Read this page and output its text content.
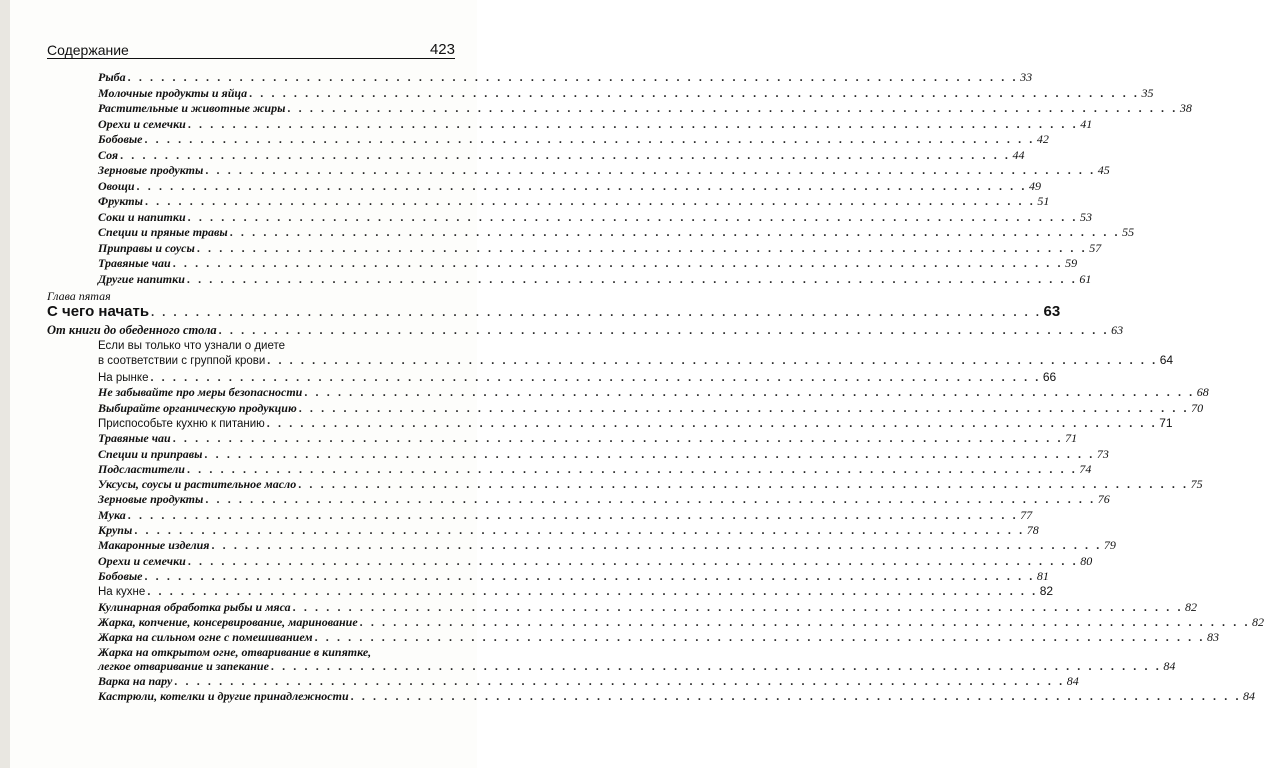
Содержание	423
Рыба . . . . . . . . . . . . . . . . . . . . . . . . . . . . . . . . . . . . . . . . . . . . . . . . . . . . . . . . . . . . . . . . . . . . . . . . . . . . . . . . 33
Молочные продукты и яйца . . . . . . . . . . . . . . . . . . . . . . . . . . . . . . . . . . . . . . . . . . . . . . . . . . . . . . . . . . . . . . . . . . . . . . . . . . . . . . . . 35
Растительные и животные жиры . . . . . . . . . . . . . . . . . . . . . . . . . . . . . . . . . . . . . . . . . . . . . . . . . . . . . . . . . . . . . . . . . . . . . . . . . . . . . . . . 38
Орехи и семечки . . . . . . . . . . . . . . . . . . . . . . . . . . . . . . . . . . . . . . . . . . . . . . . . . . . . . . . . . . . . . . . . . . . . . . . . . . . . . . . . 41
Бобовые . . . . . . . . . . . . . . . . . . . . . . . . . . . . . . . . . . . . . . . . . . . . . . . . . . . . . . . . . . . . . . . . . . . . . . . . . . . . . . . . 42
Соя . . . . . . . . . . . . . . . . . . . . . . . . . . . . . . . . . . . . . . . . . . . . . . . . . . . . . . . . . . . . . . . . . . . . . . . . . . . . . . . . 44
Зерновые продукты . . . . . . . . . . . . . . . . . . . . . . . . . . . . . . . . . . . . . . . . . . . . . . . . . . . . . . . . . . . . . . . . . . . . . . . . . . . . . . . . 45
Овощи . . . . . . . . . . . . . . . . . . . . . . . . . . . . . . . . . . . . . . . . . . . . . . . . . . . . . . . . . . . . . . . . . . . . . . . . . . . . . . . . 49
Фрукты . . . . . . . . . . . . . . . . . . . . . . . . . . . . . . . . . . . . . . . . . . . . . . . . . . . . . . . . . . . . . . . . . . . . . . . . . . . . . . . . 51
Соки и напитки . . . . . . . . . . . . . . . . . . . . . . . . . . . . . . . . . . . . . . . . . . . . . . . . . . . . . . . . . . . . . . . . . . . . . . . . . . . . . . . . 53
Специи и пряные травы . . . . . . . . . . . . . . . . . . . . . . . . . . . . . . . . . . . . . . . . . . . . . . . . . . . . . . . . . . . . . . . . . . . . . . . . . . . . . . . . 55
Приправы и соусы . . . . . . . . . . . . . . . . . . . . . . . . . . . . . . . . . . . . . . . . . . . . . . . . . . . . . . . . . . . . . . . . . . . . . . . . . . . . . . . . 57
Травяные чаи . . . . . . . . . . . . . . . . . . . . . . . . . . . . . . . . . . . . . . . . . . . . . . . . . . . . . . . . . . . . . . . . . . . . . . . . . . . . . . . . 59
Другие напитки . . . . . . . . . . . . . . . . . . . . . . . . . . . . . . . . . . . . . . . . . . . . . . . . . . . . . . . . . . . . . . . . . . . . . . . . . . . . . . . . 61
Глава пятая
С чего начать . . . . . . . . . . . . . . . . . . . . . . . . . . . . . . . . . . . . . . . . . . . . . . . . . . . . . . . . . . . . . . . . . . . . . . . . . . . . . . . . 63
От книги до обеденного стола . . . . . . . . . . . . . . . . . . . . . . . . . . . . . . . . . . . . . . . . . . . . . . . . . . . . . . . . . . . . . . . . . . . . . . . . . . . . . . . . 63
Если вы только что узнали о диете
в соответствии с группой крови . . . . . . . . . . . . . . . . . . . . . . . . . . . . . . . . . . . . . . . . . . . . . . . . . . . . . . . . . . . . . . . . . . . . . . . . . . . . . . . . 64
На рынке . . . . . . . . . . . . . . . . . . . . . . . . . . . . . . . . . . . . . . . . . . . . . . . . . . . . . . . . . . . . . . . . . . . . . . . . . . . . . . . . 66
Не забывайте про меры безопасности . . . . . . . . . . . . . . . . . . . . . . . . . . . . . . . . . . . . . . . . . . . . . . . . . . . . . . . . . . . . . . . . . . . . . . . . . . . . . . . . 68
Выбирайте органическую продукцию . . . . . . . . . . . . . . . . . . . . . . . . . . . . . . . . . . . . . . . . . . . . . . . . . . . . . . . . . . . . . . . . . . . . . . . . . . . . . . . . 70
Приспособьте кухню к питанию . . . . . . . . . . . . . . . . . . . . . . . . . . . . . . . . . . . . . . . . . . . . . . . . . . . . . . . . . . . . . . . . . . . . . . . . . . . . . . . . 71
Травяные чаи . . . . . . . . . . . . . . . . . . . . . . . . . . . . . . . . . . . . . . . . . . . . . . . . . . . . . . . . . . . . . . . . . . . . . . . . . . . . . . . . 71
Специи и приправы . . . . . . . . . . . . . . . . . . . . . . . . . . . . . . . . . . . . . . . . . . . . . . . . . . . . . . . . . . . . . . . . . . . . . . . . . . . . . . . . 73
Подсластители . . . . . . . . . . . . . . . . . . . . . . . . . . . . . . . . . . . . . . . . . . . . . . . . . . . . . . . . . . . . . . . . . . . . . . . . . . . . . . . . 74
Уксусы, соусы и растительное масло . . . . . . . . . . . . . . . . . . . . . . . . . . . . . . . . . . . . . . . . . . . . . . . . . . . . . . . . . . . . . . . . . . . . . . . . . . . . . . . . 75
Зерновые продукты . . . . . . . . . . . . . . . . . . . . . . . . . . . . . . . . . . . . . . . . . . . . . . . . . . . . . . . . . . . . . . . . . . . . . . . . . . . . . . . . 76
Мука . . . . . . . . . . . . . . . . . . . . . . . . . . . . . . . . . . . . . . . . . . . . . . . . . . . . . . . . . . . . . . . . . . . . . . . . . . . . . . . . 77
Крупы . . . . . . . . . . . . . . . . . . . . . . . . . . . . . . . . . . . . . . . . . . . . . . . . . . . . . . . . . . . . . . . . . . . . . . . . . . . . . . . . 78
Макаронные изделия . . . . . . . . . . . . . . . . . . . . . . . . . . . . . . . . . . . . . . . . . . . . . . . . . . . . . . . . . . . . . . . . . . . . . . . . . . . . . . . . 79
Орехи и семечки . . . . . . . . . . . . . . . . . . . . . . . . . . . . . . . . . . . . . . . . . . . . . . . . . . . . . . . . . . . . . . . . . . . . . . . . . . . . . . . . 80
Бобовые . . . . . . . . . . . . . . . . . . . . . . . . . . . . . . . . . . . . . . . . . . . . . . . . . . . . . . . . . . . . . . . . . . . . . . . . . . . . . . . . 81
На кухне . . . . . . . . . . . . . . . . . . . . . . . . . . . . . . . . . . . . . . . . . . . . . . . . . . . . . . . . . . . . . . . . . . . . . . . . . . . . . . . . 82
Кулинарная обработка рыбы и мяса . . . . . . . . . . . . . . . . . . . . . . . . . . . . . . . . . . . . . . . . . . . . . . . . . . . . . . . . . . . . . . . . . . . . . . . . . . . . . . . . 82
Жарка, копчение, консервирование, маринование . . . . . . . . . . . . . . . . . . . . . . . . . . . . . . . . . . . . . . . . . . . . . . . . . . . . . . . . . . . . . . . . . . . . . . . . . . . . . . . . 82
Жарка на сильном огне с помешиванием . . . . . . . . . . . . . . . . . . . . . . . . . . . . . . . . . . . . . . . . . . . . . . . . . . . . . . . . . . . . . . . . . . . . . . . . . . . . . . . . 83
Жарка на открытом огне, отваривание в кипятке,
легкое отваривание и запекание . . . . . . . . . . . . . . . . . . . . . . . . . . . . . . . . . . . . . . . . . . . . . . . . . . . . . . . . . . . . . . . . . . . . . . . . . . . . . . . . 84
Варка на пару . . . . . . . . . . . . . . . . . . . . . . . . . . . . . . . . . . . . . . . . . . . . . . . . . . . . . . . . . . . . . . . . . . . . . . . . . . . . . . . . 84
Кастрюли, котелки и другие принадлежности . . . . . . . . . . . . . . . . . . . . . . . . . . . . . . . . . . . . . . . . . . . . . . . . . . . . . . . . . . . . . . . . . . . . . . . . . . . . . . . . 84
